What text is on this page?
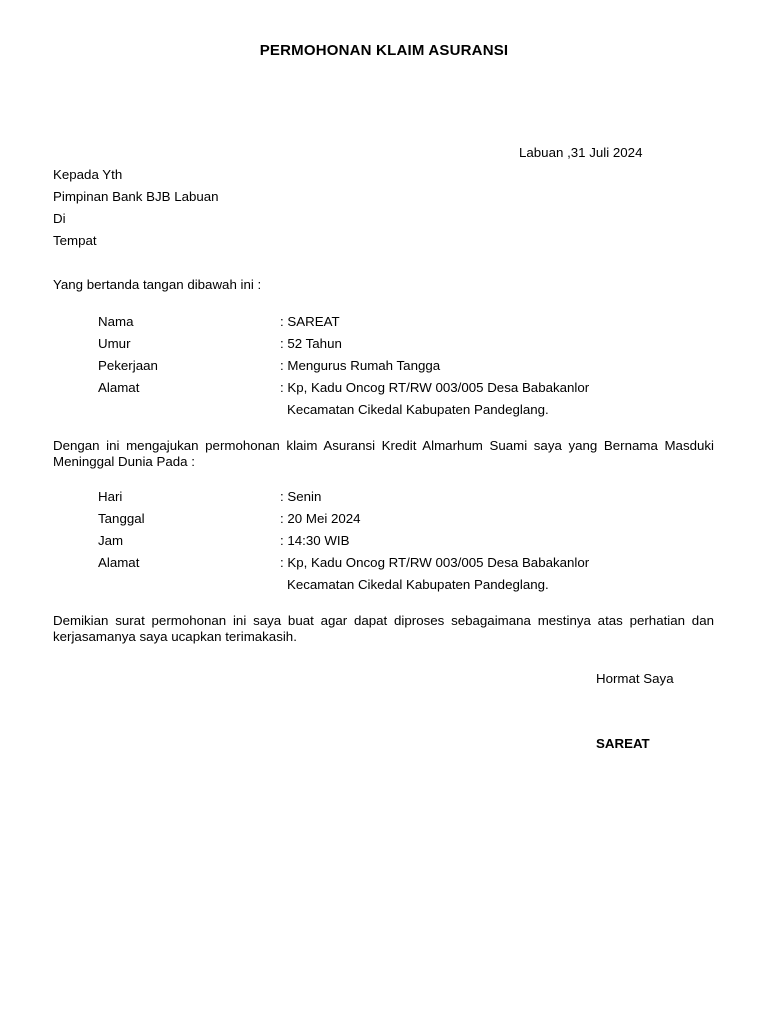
PERMOHONAN KLAIM ASURANSI
Labuan ,31 Juli 2024
Kepada Yth
Pimpinan Bank BJB Labuan
Di
Tempat
Yang bertanda tangan dibawah ini :
Nama	: SAREAT
Umur	: 52 Tahun
Pekerjaan	: Mengurus Rumah Tangga
Alamat	: Kp, Kadu Oncog RT/RW 003/005 Desa Babakanlor
Kecamatan Cikedal Kabupaten Pandeglang.
Dengan ini mengajukan permohonan klaim Asuransi Kredit Almarhum Suami saya yang Bernama Masduki Meninggal Dunia Pada :
Hari	: Senin
Tanggal	: 20 Mei 2024
Jam	: 14:30 WIB
Alamat	: Kp, Kadu Oncog RT/RW 003/005 Desa Babakanlor
Kecamatan Cikedal Kabupaten Pandeglang.
Demikian surat permohonan ini saya buat agar dapat diproses sebagaimana mestinya atas perhatian dan kerjasamanya saya ucapkan terimakasih.
Hormat Saya
SAREAT
